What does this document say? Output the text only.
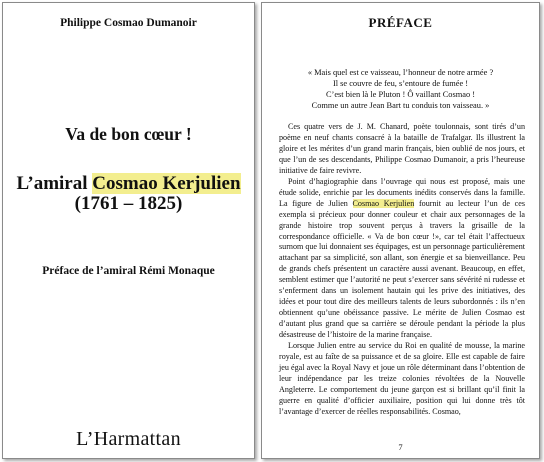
Philippe Cosmao Dumanoir
Va de bon cœur !
L’amiral Cosmao Kerjulien
(1761 – 1825)
Préface de l’amiral Rémi Monaque
L’Harmattan
PRÉFACE
« Mais quel est ce vaisseau, l’honneur de notre armée ?
Il se couvre de feu, s’entoure de fumée !
C’est bien là le Pluton ! Ô vaillant Cosmao !
Comme un autre Jean Bart tu conduis ton vaisseau. »

Ces quatre vers de J. M. Chanard, poète toulonnais, sont tirés d’un poème en neuf chants consacré à la bataille de Trafalgar. Ils illustrent la gloire et les mérites d’un grand marin français, bien oublié de nos jours, et que l’un de ses descendants, Philippe Cosmao Dumanoir, a pris l’heureuse initiative de faire revivre.

Point d’hagiographie dans l’ouvrage qui nous est proposé, mais une étude solide, enrichie par les documents inédits conservés dans la famille. La figure de Julien Cosmao Kerjulien fournit au lecteur l’un de ces exempla si précieux pour donner couleur et chair aux personnages de la grande histoire trop souvent perçus à travers la grisaille de la correspondance officielle. « Va de bon cœur !», car tel était l’affectueux surnom que lui donnaient ses équipages, est un personnage particulièrement attachant par sa simplicité, son allant, son énergie et sa bienveillance. Peu de grands chefs présentent un caractère aussi avenant. Beaucoup, en effet, semblent estimer que l’autorité ne peut s’exercer sans sévérité ni rudesse et s’enferment dans un isolement hautain qui les prive des initiatives, des idées et pour tout dire des meilleurs talents de leurs subordonnés : ils n’en obtiennent qu’une obéissance passive. Le mérite de Julien Cosmao est d’autant plus grand que sa carrière se déroule pendant la période la plus désastreuse de l’histoire de la marine française.

Lorsque Julien entre au service du Roi en qualité de mousse, la marine royale, est au faîte de sa puissance et de sa gloire. Elle est capable de faire jeu égal avec la Royal Navy et joue un rôle déterminant dans l’obtention de leur indépendance par les treize colonies révoltées de la Nouvelle Angleterre. Le comportement du jeune garçon est si brillant qu’il finit la guerre en qualité d’officier auxiliaire, position qui lui donne très tôt l’avantage d’exercer de réelles responsabilités. Cosmao,

7
